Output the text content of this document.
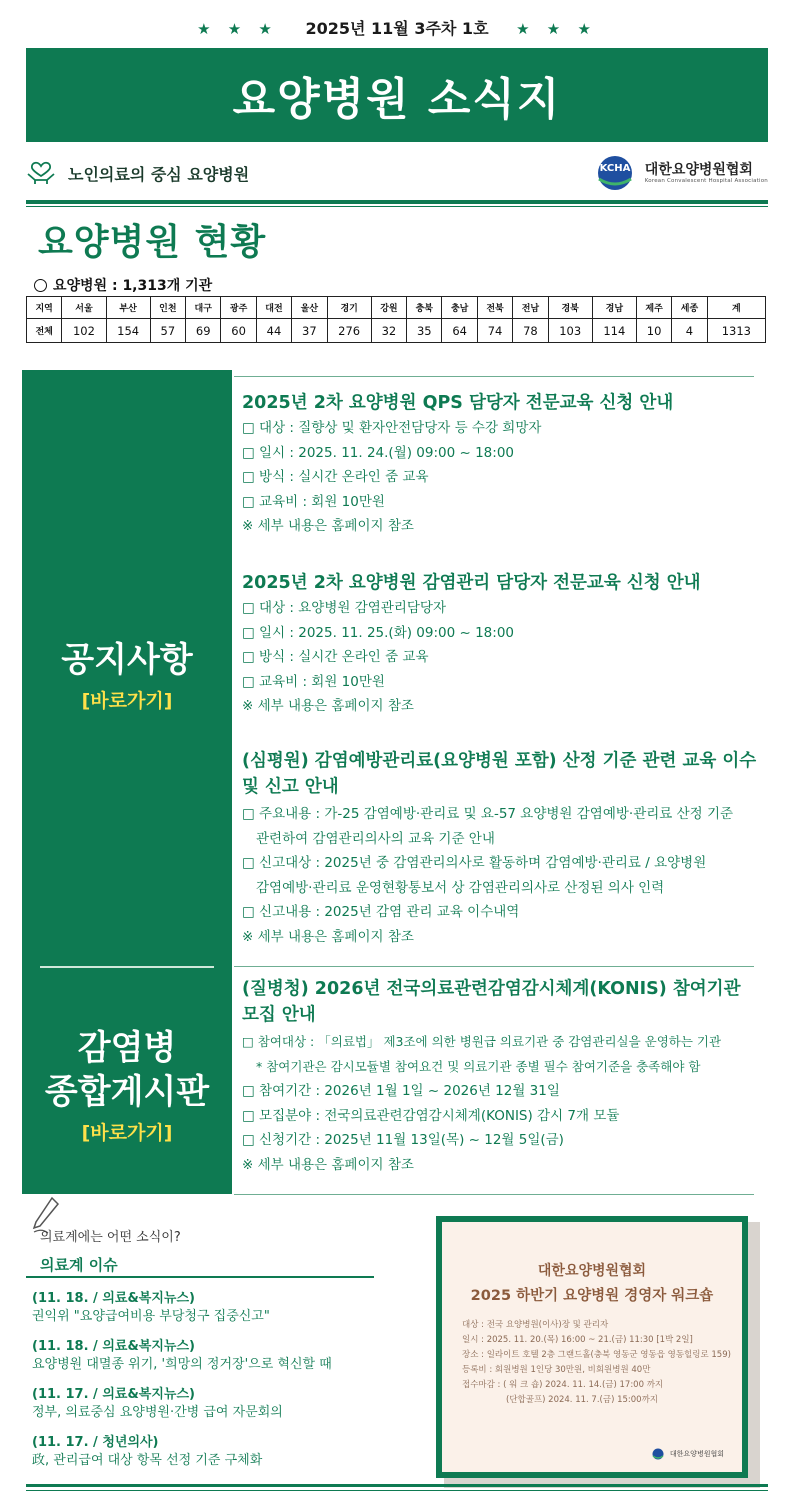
★ ★ ★ 2025년 11월 3주차 1호 ★ ★ ★
요양병원 소식지
노인의료의 중심 요양병원	KCHA 대한요양병원협회
Korean Convalescent Hospital Association
요양병원 현황
요양병원 : 1,313개 기관
지역	서울	부산	인천	대구	광주	대전	울산	경기	강원	충북	충남	전북	전남	경북	경남	제주	세종	계
전체	102	154	57	69	60	44	37	276	32	35	64	74	78	103	114	10	4	1313
공지사항
[바로가기]
감염병
종합게시판
[바로가기]
2025년 2차 요양병원 QPS 담당자 전문교육 신청 안내
□ 대상 : 질향상 및 환자안전담당자 등 수강 희망자
□ 일시 : 2025. 11. 24.(월) 09:00 ~ 18:00
□ 방식 : 실시간 온라인 줌 교육
□ 교육비 : 회원 10만원
※ 세부 내용은 홈페이지 참조
2025년 2차 요양병원 감염관리 담당자 전문교육 신청 안내
□ 대상 : 요양병원 감염관리담당자
□ 일시 : 2025. 11. 25.(화) 09:00 ~ 18:00
□ 방식 : 실시간 온라인 줌 교육
□ 교육비 : 회원 10만원
※ 세부 내용은 홈페이지 참조
(심평원) 감염예방관리료(요양병원 포함) 산정 기준 관련 교육 이수
및 신고 안내
□ 주요내용 : 가-25 감염예방·관리료 및 요-57 요양병원 감염예방·관리료 산정 기준
관련하여 감염관리의사의 교육 기준 안내
□ 신고대상 : 2025년 중 감염관리의사로 활동하며 감염예방·관리료 / 요양병원
감염예방·관리료 운영현황통보서 상 감염관리의사로 산정된 의사 인력
□ 신고내용 : 2025년 감염 관리 교육 이수내역
※ 세부 내용은 홈페이지 참조
(질병청) 2026년 전국의료관련감염감시체계(KONIS) 참여기관
모집 안내
□ 참여대상 : 「의료법」 제3조에 의한 병원급 의료기관 중 감염관리실을 운영하는 기관
* 참여기관은 감시모듈별 참여요건 및 의료기관 종별 필수 참여기준을 충족해야 함
□ 참여기간 : 2026년 1월 1일 ~ 2026년 12월 31일
□ 모집분야 : 전국의료관련감염감시체계(KONIS) 감시 7개 모듈
□ 신청기간 : 2025년 11월 13일(목) ~ 12월 5일(금)
※ 세부 내용은 홈페이지 참조
의료계에는 어떤 소식이?
의료계 이슈
(11. 18. / 의료&복지뉴스)
권익위 "요양급여비용 부당청구 집중신고"
(11. 18. / 의료&복지뉴스)
요양병원 대멸종 위기, '희망의 정거장'으로 혁신할 때
(11. 17. / 의료&복지뉴스)
정부, 의료중심 요양병원·간병 급여 자문회의
(11. 17. / 청년의사)
政, 관리급여 대상 항목 선정 기준 구체화
대한요양병원협회
2025 하반기 요양병원 경영자 워크숍
대상 : 전국 요양병원(이사)장 및 관리자
일시 : 2025. 11. 20.(목) 16:00 ~ 21.(금) 11:30 [1박 2일]
장소 : 일라이트 호텔 2층 그랜드홀(충북 영동군 영동읍 영동힐링로 159)
등록비 : 회원병원 1인당 30만원, 비회원병원 40만
접수마감 : ( 워 크 숍) 2024. 11. 14.(금) 17:00 까지
(단합골프) 2024. 11. 7.(금) 15:00까지
대한요양병원협회
